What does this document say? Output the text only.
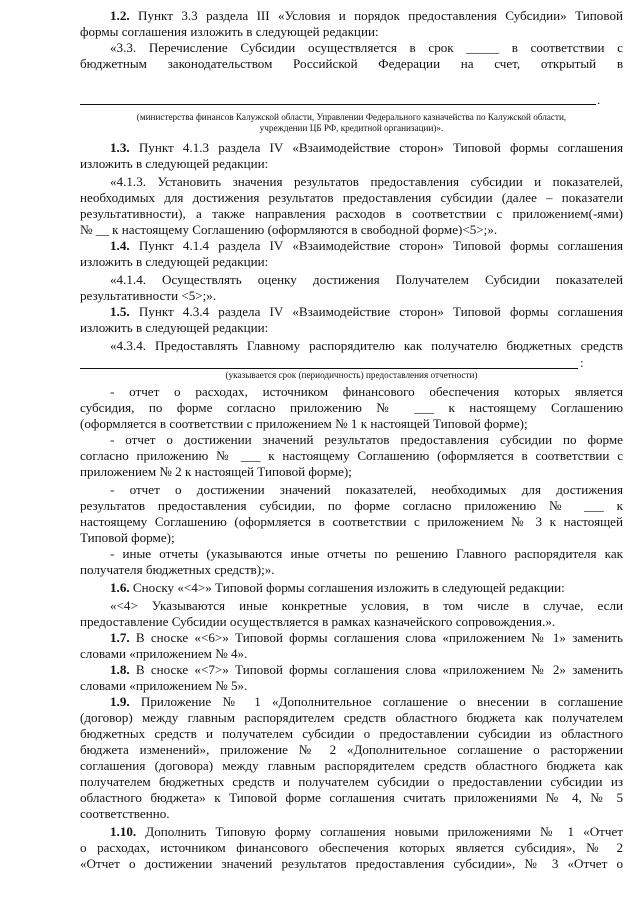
1.2. Пункт 3.3 раздела III «Условия и порядок предоставления Субсидии» Типовой
формы соглашения изложить в следующей редакции:
«3.3. Перечисление Субсидии осуществляется в срок _____ в соответствии с
бюджетным законодательством Российской Федерации на счет, открытый в
(министерства финансов Калужской области, Управлении Федерального казначейства по Калужской области,
учреждении ЦБ РФ, кредитной организации)».
1.3. Пункт 4.1.3 раздела IV «Взаимодействие сторон» Типовой формы соглашения
изложить в следующей редакции:
«4.1.3. Установить значения результатов предоставления субсидии и показателей,
необходимых для достижения результатов предоставления субсидии (далее – показатели
результативности), а также направления расходов в соответствии с приложением(-ями)
№ __ к настоящему Соглашению (оформляются в свободной форме)<5>;».
1.4. Пункт 4.1.4 раздела IV «Взаимодействие сторон» Типовой формы соглашения
изложить в следующей редакции:
«4.1.4. Осуществлять оценку достижения Получателем Субсидии показателей
результативности <5>;».
1.5. Пункт 4.3.4 раздела IV «Взаимодействие сторон» Типовой формы соглашения
изложить в следующей редакции:
«4.3.4. Предоставлять Главному распорядителю как получателю бюджетных средств
(указывается срок (периодичность) предоставления отчетности)
- отчет о расходах, источником финансового обеспечения которых является
субсидия, по форме согласно приложению № ___ к настоящему Соглашению
(оформляется в соответствии с приложением № 1 к настоящей Типовой форме);
- отчет о достижении значений результатов предоставления субсидии по форме
согласно приложению № ___ к настоящему Соглашению (оформляется в соответствии с
приложением № 2 к настоящей Типовой форме);
- отчет о достижении значений показателей, необходимых для достижения
результатов предоставления субсидии, по форме согласно приложению № ___ к
настоящему Соглашению (оформляется в соответствии с приложением № 3 к настоящей
Типовой форме);
- иные отчеты (указываются иные отчеты по решению Главного распорядителя как
получателя бюджетных средств);».
1.6. Сноску «<4>» Типовой формы соглашения изложить в следующей редакции:
«<4> Указываются иные конкретные условия, в том числе в случае, если
предоставление Субсидии осуществляется в рамках казначейского сопровождения.».
1.7. В сноске «<6>» Типовой формы соглашения слова «приложением № 1» заменить
словами «приложением № 4».
1.8. В сноске «<7>» Типовой формы соглашения слова «приложением № 2» заменить
словами «приложением № 5».
1.9. Приложение № 1 «Дополнительное соглашение о внесении в соглашение
(договор) между главным распорядителем средств областного бюджета как получателем
бюджетных средств и получателем субсидии о предоставлении субсидии из областного
бюджета изменений», приложение № 2 «Дополнительное соглашение о расторжении
соглашения (договора) между главным распорядителем средств областного бюджета как
получателем бюджетных средств и получателем субсидии о предоставлении субсидии из
областного бюджета» к Типовой форме соглашения считать приложениями № 4, № 5
соответственно.
1.10. Дополнить Типовую форму соглашения новыми приложениями № 1 «Отчет
о расходах, источником финансового обеспечения которых является субсидия», № 2
«Отчет о достижении значений результатов предоставления субсидии», № 3 «Отчет о
.
:
